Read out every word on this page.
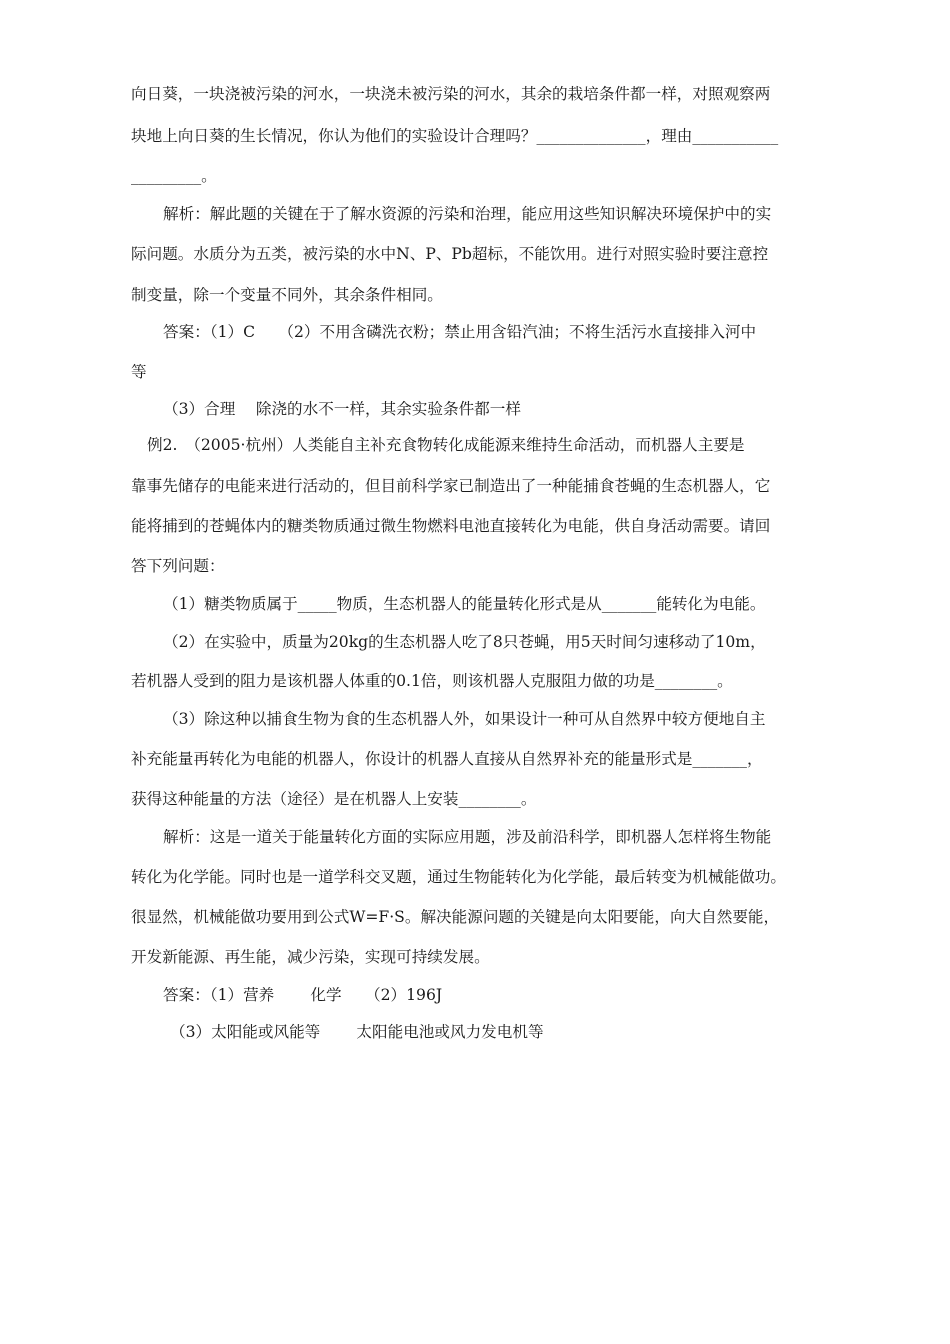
向日葵，一块浇被污染的河水，一块浇未被污染的河水，其余的栽培条件都一样，对照观察两
块地上向日葵的生长情况，你认为他们的实验设计合理吗？______________，理由___________
_________。
解析：解此题的关键在于了解水资源的污染和治理，能应用这些知识解决环境保护中的实
际问题。水质分为五类，被污染的水中N、P、Pb超标，不能饮用。进行对照实验时要注意控
制变量，除一个变量不同外，其余条件相同。
答案：（1）C　　（2）不用含磷洗衣粉；禁止用含铅汽油；不将生活污水直接排入河中
等
（3）合理　 除浇的水不一样，其余实验条件都一样
例2.　（2005·杭州）人类能自主补充食物转化成能源来维持生命活动，而机器人主要是
靠事先储存的电能来进行活动的，但目前科学家已制造出了一种能捕食苍蝇的生态机器人，它
能将捕到的苍蝇体内的糖类物质通过微生物燃料电池直接转化为电能，供自身活动需要。请回
答下列问题：
（1）糖类物质属于_____物质，生态机器人的能量转化形式是从_______能转化为电能。
（2）在实验中，质量为20kg的生态机器人吃了8只苍蝇，用5天时间匀速移动了10m，
若机器人受到的阻力是该机器人体重的0.1倍，则该机器人克服阻力做的功是________。
（3）除这种以捕食生物为食的生态机器人外，如果设计一种可从自然界中较方便地自主
补充能量再转化为电能的机器人，你设计的机器人直接从自然界补充的能量形式是_______，
获得这种能量的方法（途径）是在机器人上安装________。
解析：这是一道关于能量转化方面的实际应用题，涉及前沿科学，即机器人怎样将生物能
转化为化学能。同时也是一道学科交叉题，通过生物能转化为化学能，最后转变为机械能做功。
很显然，机械能做功要用到公式W=F·S。解决能源问题的关键是向太阳要能，向大自然要能，
开发新能源、再生能，减少污染，实现可持续发展。
答案：（1）营养　　 化学　　（2）196J
（3）太阳能或风能等　　 太阳能电池或风力发电机等
